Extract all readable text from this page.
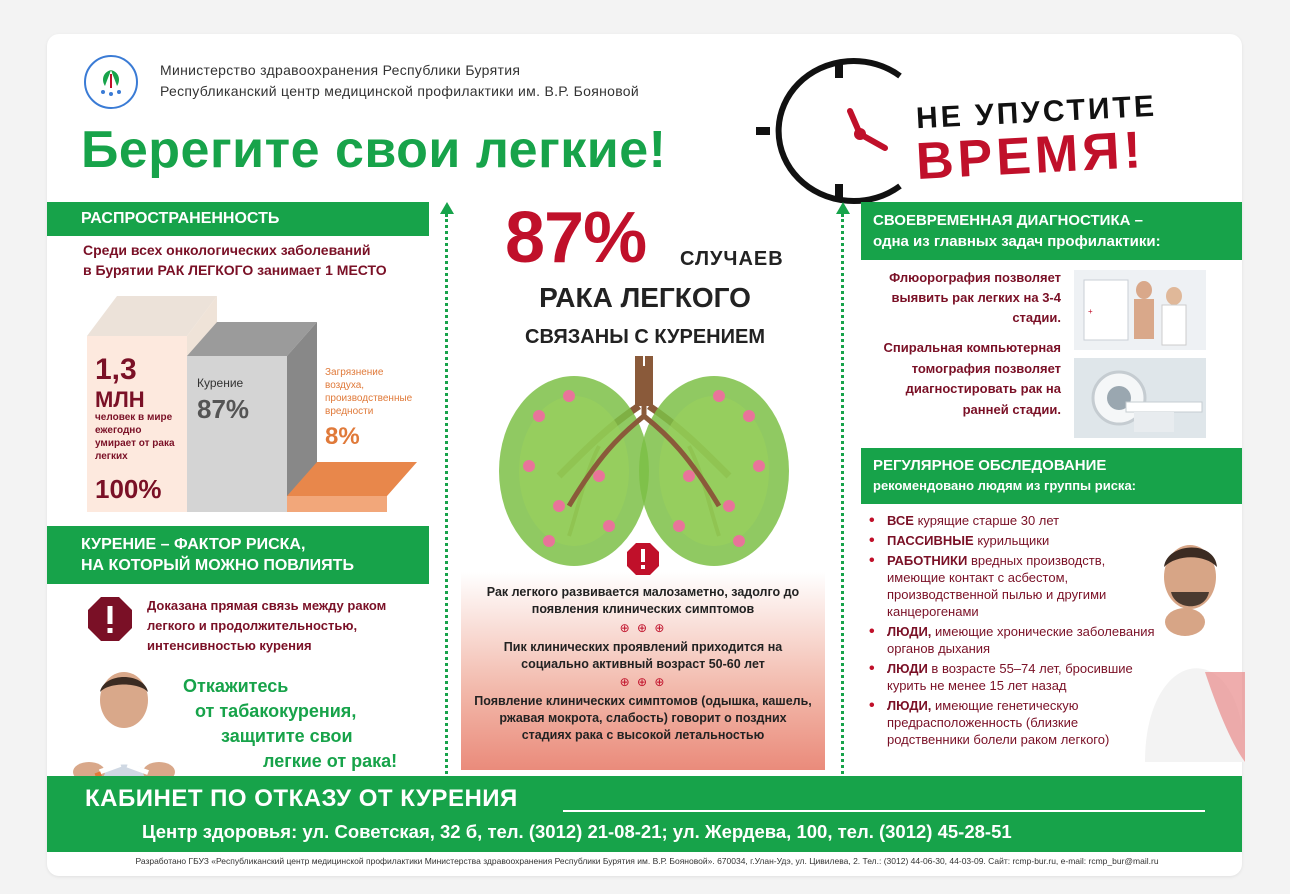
Министерство здравоохранения Республики Бурятия
Республиканский центр медицинской профилактики им. В.Р. Бояновой
Берегите свои легкие!
НЕ УПУСТИТЕ
ВРЕМЯ!
РАСПРОСТРАНЕННОСТЬ
Среди всех онкологических заболеваний
в Бурятии РАК ЛЕГКОГО занимает 1 МЕСТО
1,3
МЛН
человек в мире ежегодно умирает от рака легких
100%
Курение
87%
Загрязнение воздуха, производственные вредности
8%
КУРЕНИЕ – ФАКТОР РИСКА,
НА КОТОРЫЙ МОЖНО ПОВЛИЯТЬ
Доказана прямая связь между раком легкого и продолжительностью, интенсивностью курения
Откажитесь
от табакокурения,
защитите свои
легкие от рака!
87% СЛУЧАЕВ
РАКА ЛЕГКОГО
СВЯЗАНЫ С КУРЕНИЕМ
Рак легкого развивается малозаметно, задолго до появления клинических симптомов
⊕ ⊕ ⊕
Пик клинических проявлений приходится на социально активный возраст 50-60 лет
⊕ ⊕ ⊕
Появление клинических симптомов (одышка, кашель, ржавая мокрота, слабость) говорит о поздних стадиях рака с высокой летальностью
СВОЕВРЕМЕННАЯ ДИАГНОСТИКА –
одна из главных задач профилактики:
Флюорография позволяет выявить рак легких на 3-4 стадии.	+
Спиральная компьютерная томография позволяет диагностировать рак на ранней стадии.
РЕГУЛЯРНОЕ ОБСЛЕДОВАНИЕ
рекомендовано людям из группы риска:
• ВСЕ курящие старше 30 лет
• ПАССИВНЫЕ курильщики
• РАБОТНИКИ вредных производств, имеющие контакт с асбестом, производственной пылью и другими канцерогенами
• ЛЮДИ, имеющие хронические заболевания органов дыхания
• ЛЮДИ в возрасте 55–74 лет, бросившие курить не менее 15 лет назад
• ЛЮДИ, имеющие генетическую предрасположенность (близкие родственники болели раком легкого)
КАБИНЕТ ПО ОТКАЗУ ОТ КУРЕНИЯ
Центр здоровья: ул. Советская, 32 б, тел. (3012) 21-08-21; ул. Жердева, 100, тел. (3012) 45-28-51
Разработано ГБУЗ «Республиканский центр медицинской профилактики Министерства здравоохранения Республики Бурятия им. В.Р. Бояновой». 670034, г.Улан-Удэ, ул. Цивилева, 2. Тел.: (3012) 44-06-30, 44-03-09. Сайт: rcmp-bur.ru, e-mail: rcmp_bur@mail.ru
